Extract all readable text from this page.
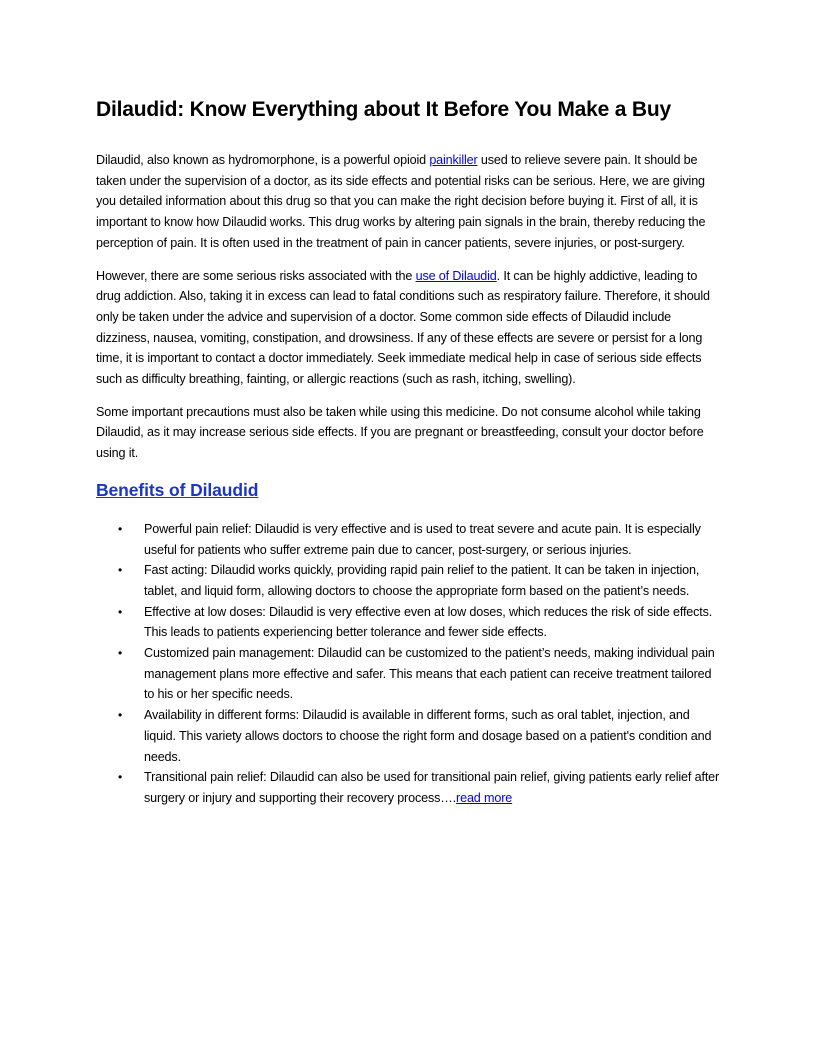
Dilaudid: Know Everything about It Before You Make a Buy

Dilaudid, also known as hydromorphone, is a powerful opioid painkiller used to relieve severe pain. It should be taken under the supervision of a doctor, as its side effects and potential risks can be serious. Here, we are giving you detailed information about this drug so that you can make the right decision before buying it. First of all, it is important to know how Dilaudid works. This drug works by altering pain signals in the brain, thereby reducing the perception of pain. It is often used in the treatment of pain in cancer patients, severe injuries, or post-surgery.

However, there are some serious risks associated with the use of Dilaudid. It can be highly addictive, leading to drug addiction. Also, taking it in excess can lead to fatal conditions such as respiratory failure. Therefore, it should only be taken under the advice and supervision of a doctor. Some common side effects of Dilaudid include dizziness, nausea, vomiting, constipation, and drowsiness. If any of these effects are severe or persist for a long time, it is important to contact a doctor immediately. Seek immediate medical help in case of serious side effects such as difficulty breathing, fainting, or allergic reactions (such as rash, itching, swelling).

Some important precautions must also be taken while using this medicine. Do not consume alcohol while taking Dilaudid, as it may increase serious side effects. If you are pregnant or breastfeeding, consult your doctor before using it.

Benefits of Dilaudid
• Powerful pain relief: Dilaudid is very effective and is used to treat severe and acute pain. It is especially useful for patients who suffer extreme pain due to cancer, post-surgery, or serious injuries.
• Fast acting: Dilaudid works quickly, providing rapid pain relief to the patient. It can be taken in injection, tablet, and liquid form, allowing doctors to choose the appropriate form based on the patient’s needs.
• Effective at low doses: Dilaudid is very effective even at low doses, which reduces the risk of side effects. This leads to patients experiencing better tolerance and fewer side effects.
• Customized pain management: Dilaudid can be customized to the patient’s needs, making individual pain management plans more effective and safer. This means that each patient can receive treatment tailored to his or her specific needs.
• Availability in different forms: Dilaudid is available in different forms, such as oral tablet, injection, and liquid. This variety allows doctors to choose the right form and dosage based on a patient's condition and needs.
• Transitional pain relief: Dilaudid can also be used for transitional pain relief, giving patients early relief after surgery or injury and supporting their recovery process….read more
